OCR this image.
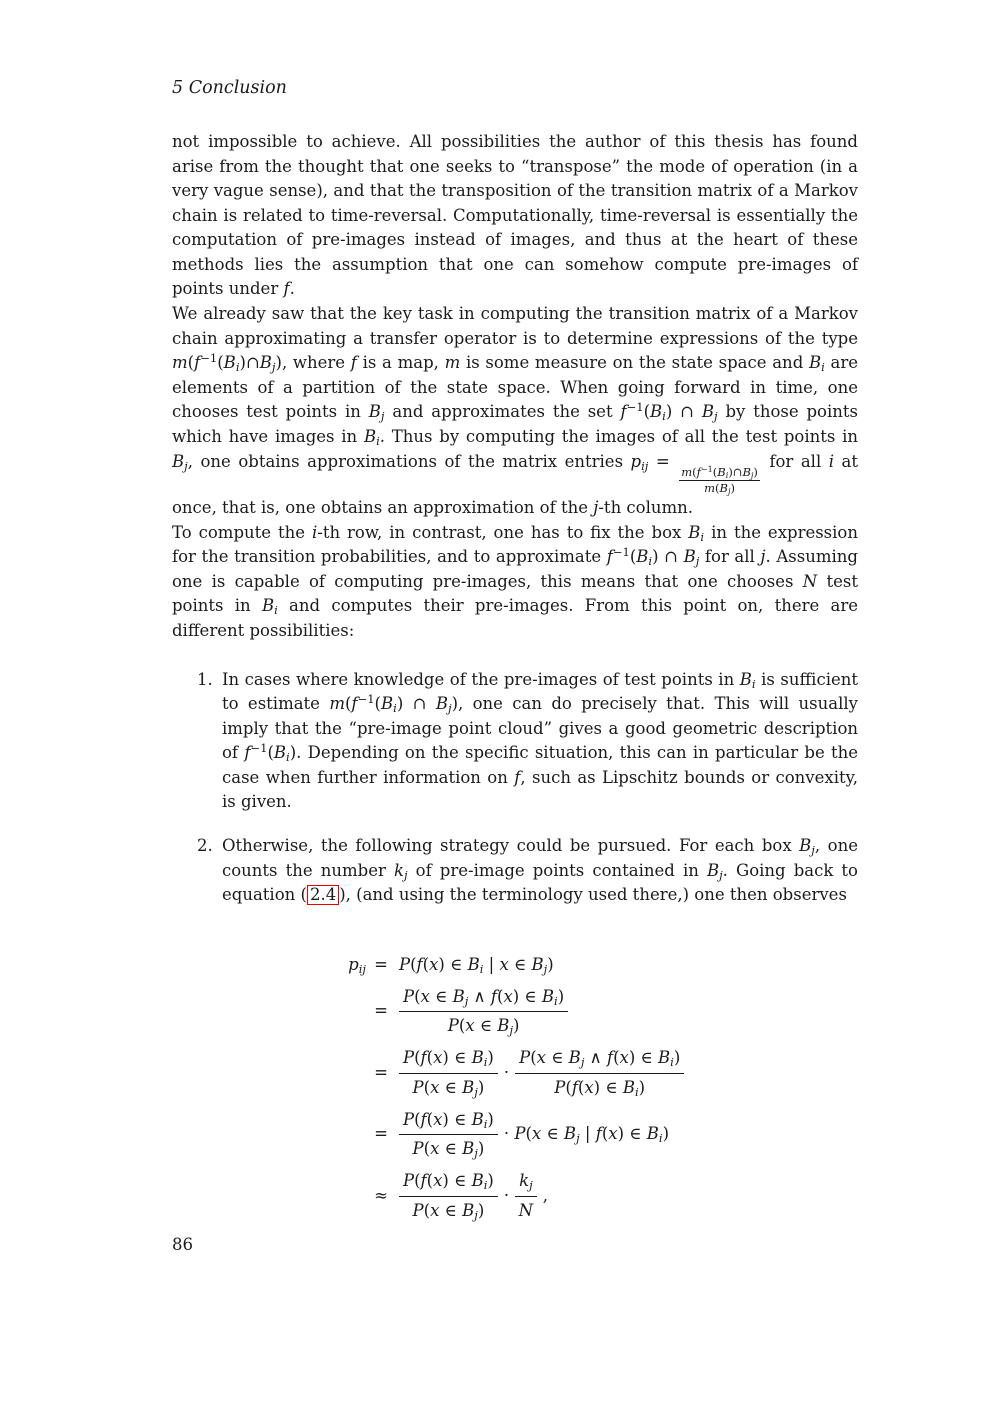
5 Conclusion

not impossible to achieve. All possibilities the author of this thesis has found arise from the thought that one seeks to “transpose” the mode of operation (in a very vague sense), and that the transposition of the transition matrix of a Markov chain is related to time-reversal. Computationally, time-reversal is essentially the computation of pre-images instead of images, and thus at the heart of these methods lies the assumption that one can somehow compute pre-images of points under f.

We already saw that the key task in computing the transition matrix of a Markov chain approximating a transfer operator is to determine expressions of the type $m(f^{-1}(B_i)\cap B_j)$, where f is a map, m is some measure on the state space and $B_i$ are elements of a partition of the state space. When going forward in time, one chooses test points in $B_j$ and approximates the set $f^{-1}(B_i)$ ∩ $B_j$ by those points which have images in $B_i$. Thus by computing the images of all the test points in $B_j$, one obtains approximations of the matrix entries $p_{ij}$ =
$\frac{m(f^{-1}(B_i)\cap B_j)}{m(B_j)}$
for all i at once, that is, one obtains an approximation of the j-th column.

To compute the i-th row, in contrast, one has to fix the box $B_i$ in the expression for the transition probabilities, and to approximate $f^{-1}(B_i)$ ∩ $B_j$ for all j. Assuming one is capable of computing pre-images, this means that one chooses N test points in $B_i$ and computes their pre-images. From this point on, there are different possibilities:

1. In cases where knowledge of the pre-images of test points in $B_i$ is sufficient to estimate $m(f^{-1}(B_i)$ ∩ $B_j$), one can do precisely that. This will usually imply that the “pre-image point cloud” gives a good geometric description of $f^{-1}(B_i)$. Depending on the specific situation, this can in particular be the case when further information on f, such as Lipschitz bounds or convexity, is given.
2. Otherwise, the following strategy could be pursued. For each box $B_j$, one counts the number $k_j$ of pre-image points contained in $B_j$. Going back to equation ( 2.4 ), (and using the terminology used there,) one then observes
$p_{ij} = P(f(x)$ ∈ $B_i$ | x ∈ $B_j$)
=
P(x ∈ $B_j$ ∧ f(x) ∈ $B_i$)
P(x ∈ $B_j$)
=
P(f(x) ∈ $B_i$)
P(x ∈ $B_j$)
·
P(x ∈ $B_j$ ∧ f(x) ∈ $B_i$)
P(f(x) ∈ $B_i$)
=
P(f(x) ∈ $B_i$)
P(x ∈ $B_j$)
· P(x ∈ $B_j$ | f(x) ∈ $B_i$)
≈
P(f(x) ∈ $B_i$)
P(x ∈ $B_j$)
·
$k_j$
N
,
86
